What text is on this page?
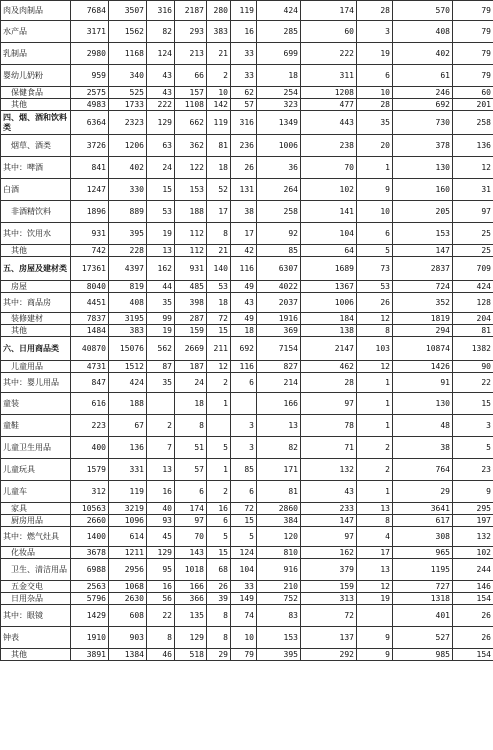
肉及肉制品	7684	3507	316	2187	280	119	424	174	28	570	79
水产品	3171	1562	82	293	383	16	285	60	3	408	79
乳制品	2980	1168	124	213	21	33	699	222	19	402	79
婴幼儿奶粉	959	340	43	66	2	33	18	311	6	61	79
保健食品	2575	525	43	157	10	62	254	1208	10	246	60
其他	4983	1733	222	1108	142	57	323	477	28	692	201
四、烟、酒和饮料类	6364	2323	129	662	119	316	1349	443	35	730	258
烟草、酒类	3726	1206	63	362	81	236	1006	238	20	378	136
其中：啤酒	841	402	24	122	18	26	36	70	1	130	12
白酒	1247	330	15	153	52	131	264	102	9	160	31
非酒精饮料	1896	889	53	188	17	38	258	141	10	205	97
其中：饮用水	931	395	19	112	8	17	92	104	6	153	25
其他	742	228	13	112	21	42	85	64	5	147	25
五、房屋及建材类	17361	4397	162	931	140	116	6307	1689	73	2837	709
房屋	8040	819	44	485	53	49	4022	1367	53	724	424
其中：商品房	4451	408	35	398	18	43	2037	1006	26	352	128
装修建材	7837	3195	99	287	72	49	1916	184	12	1819	204
其他	1484	383	19	159	15	18	369	138	8	294	81
六、日用商品类	40870	15076	562	2669	211	692	7154	2147	103	10874	1382
儿童用品	4731	1512	87	187	12	116	827	462	12	1426	90
其中：婴儿用品	847	424	35	24	2	6	214	28	1	91	22
童装	616	188		18	1		166	97	1	130	15
童鞋	223	67	2	8		3	13	78	1	48	3
儿童卫生用品	400	136	7	51	5	3	82	71	2	38	5
儿童玩具	1579	331	13	57	1	85	171	132	2	764	23
儿童车	312	119	16	6	2	6	81	43	1	29	9
家具	10563	3219	40	174	16	72	2860	233	13	3641	295
厨房用品	2660	1096	93	97	6	15	384	147	8	617	197
其中：燃气灶具	1400	614	45	70	5	5	120	97	4	308	132
化妆品	3678	1211	129	143	15	124	810	162	17	965	102
卫生、清洁用品	6988	2956	95	1018	68	104	916	379	13	1195	244
五金交电	2563	1068	16	166	26	33	210	159	12	727	146
日用杂品	5796	2630	56	366	39	149	752	313	19	1318	154
其中：眼镜	1429	608	22	135	8	74	83	72		401	26
钟表	1910	903	8	129	8	10	153	137	9	527	26
其他	3891	1384	46	518	29	79	395	292	9	985	154
